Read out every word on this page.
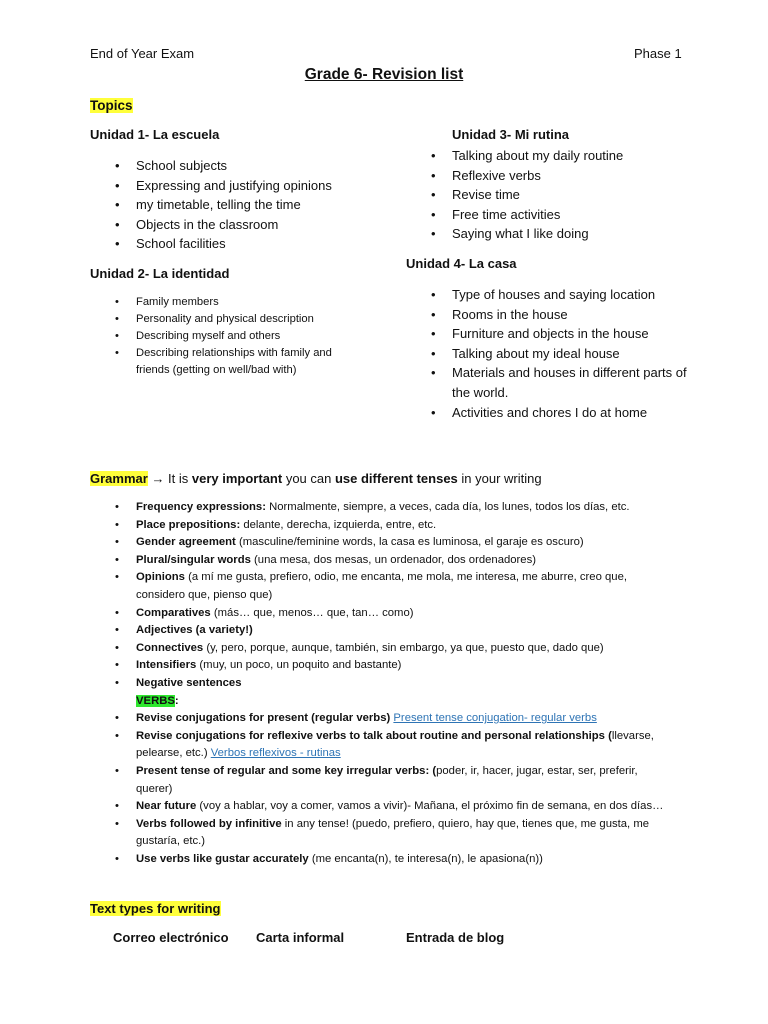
End of Year Exam	Phase 1
Grade 6- Revision list
Topics
Unidad 1- La escuela
• School subjects
• Expressing and justifying opinions
• my timetable, telling the time
• Objects in the classroom
• School facilities
Unidad 2- La identidad
• Family members
• Personality and physical description
• Describing myself and others
• Describing relationships with family and friends (getting on well/bad with)
Unidad 3- Mi rutina
• Talking about my daily routine
• Reflexive verbs
• Revise time
• Free time activities
• Saying what I like doing
Unidad 4- La casa
• Type of houses and saying location
• Rooms in the house
• Furniture and objects in the house
• Talking about my ideal house
• Materials and houses in different parts of the world.
• Activities and chores I do at home
Grammar → It is very important you can use different tenses in your writing
• Frequency expressions: Normalmente, siempre, a veces, cada día, los lunes, todos los días, etc.
• Place prepositions: delante, derecha, izquierda, entre, etc.
• Gender agreement (masculine/feminine words, la casa es luminosa, el garaje es oscuro)
• Plural/singular words (una mesa, dos mesas, un ordenador, dos ordenadores)
• Opinions (a mí me gusta, prefiero, odio, me encanta, me mola, me interesa, me aburre, creo que, considero que, pienso que)
• Comparatives (más… que, menos… que, tan… como)
• Adjectives (a variety!)
• Connectives (y, pero, porque, aunque, también, sin embargo, ya que, puesto que, dado que)
• Intensifiers (muy, un poco, un poquito and bastante)
• Negative sentences
VERBS:
• Revise conjugations for present (regular verbs) Present tense conjugation- regular verbs
• Revise conjugations for reflexive verbs to talk about routine and personal relationships (llevarse, pelearse, etc.) Verbos reflexivos - rutinas
• Present tense of regular and some key irregular verbs: (poder, ir, hacer, jugar, estar, ser, preferir, querer)
• Near future (voy a hablar, voy a comer, vamos a vivir)- Mañana, el próximo fin de semana, en dos días…
• Verbs followed by infinitive in any tense! (puedo, prefiero, quiero, hay que, tienes que, me gusta, me gustaría, etc.)
• Use verbs like gustar accurately (me encanta(n), te interesa(n), le apasiona(n))
Text types for writing
Correo electrónico Carta informal	Entrada de blog
